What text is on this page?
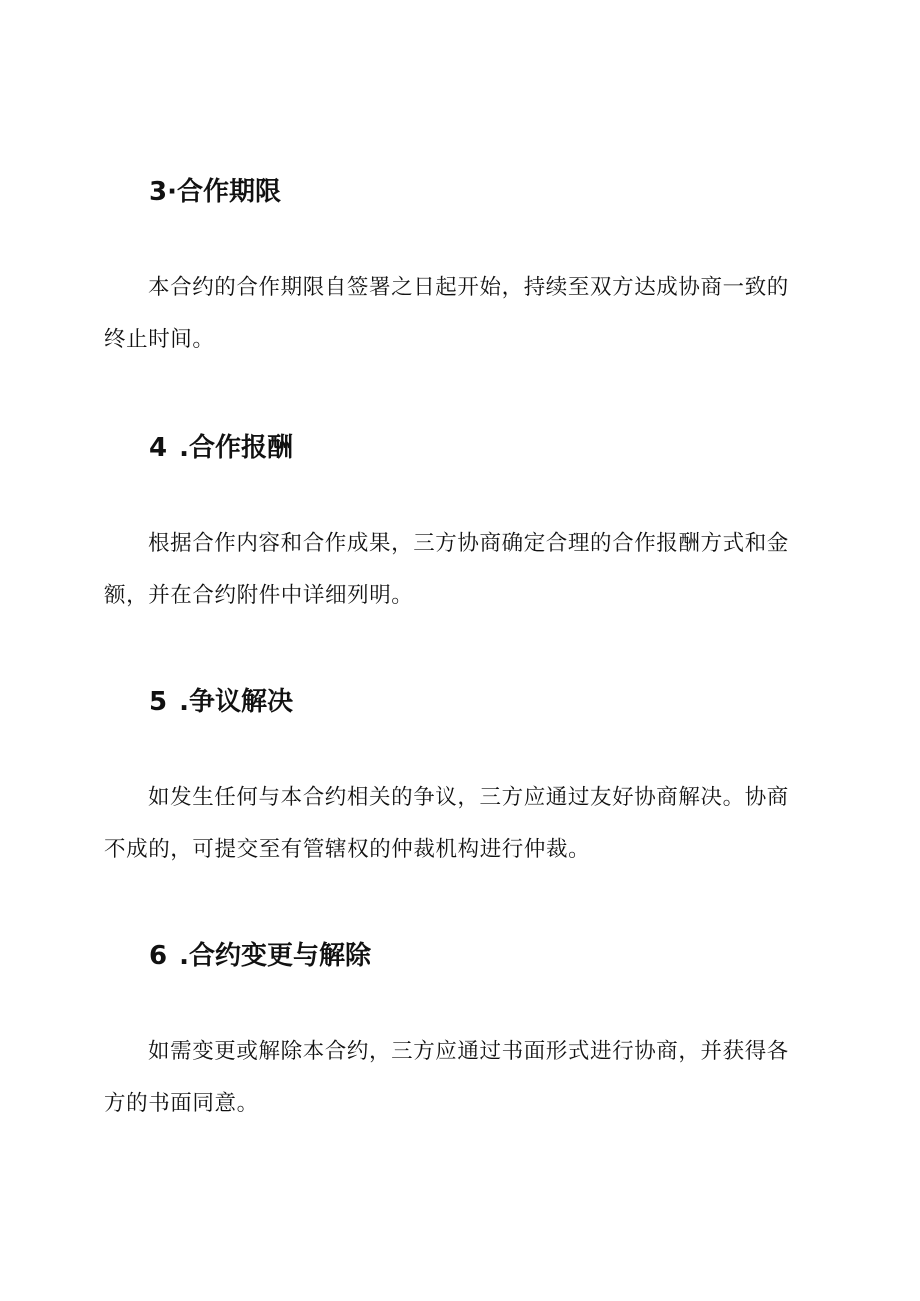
3·合作期限

本合约的合作期限自签署之日起开始，持续至双方达成协商一致的终止时间。

4 .合作报酬

根据合作内容和合作成果，三方协商确定合理的合作报酬方式和金额，并在合约附件中详细列明。

5 .争议解决

如发生任何与本合约相关的争议，三方应通过友好协商解决。协商不成的，可提交至有管辖权的仲裁机构进行仲裁。

6 .合约变更与解除

如需变更或解除本合约，三方应通过书面形式进行协商，并获得各方的书面同意。
